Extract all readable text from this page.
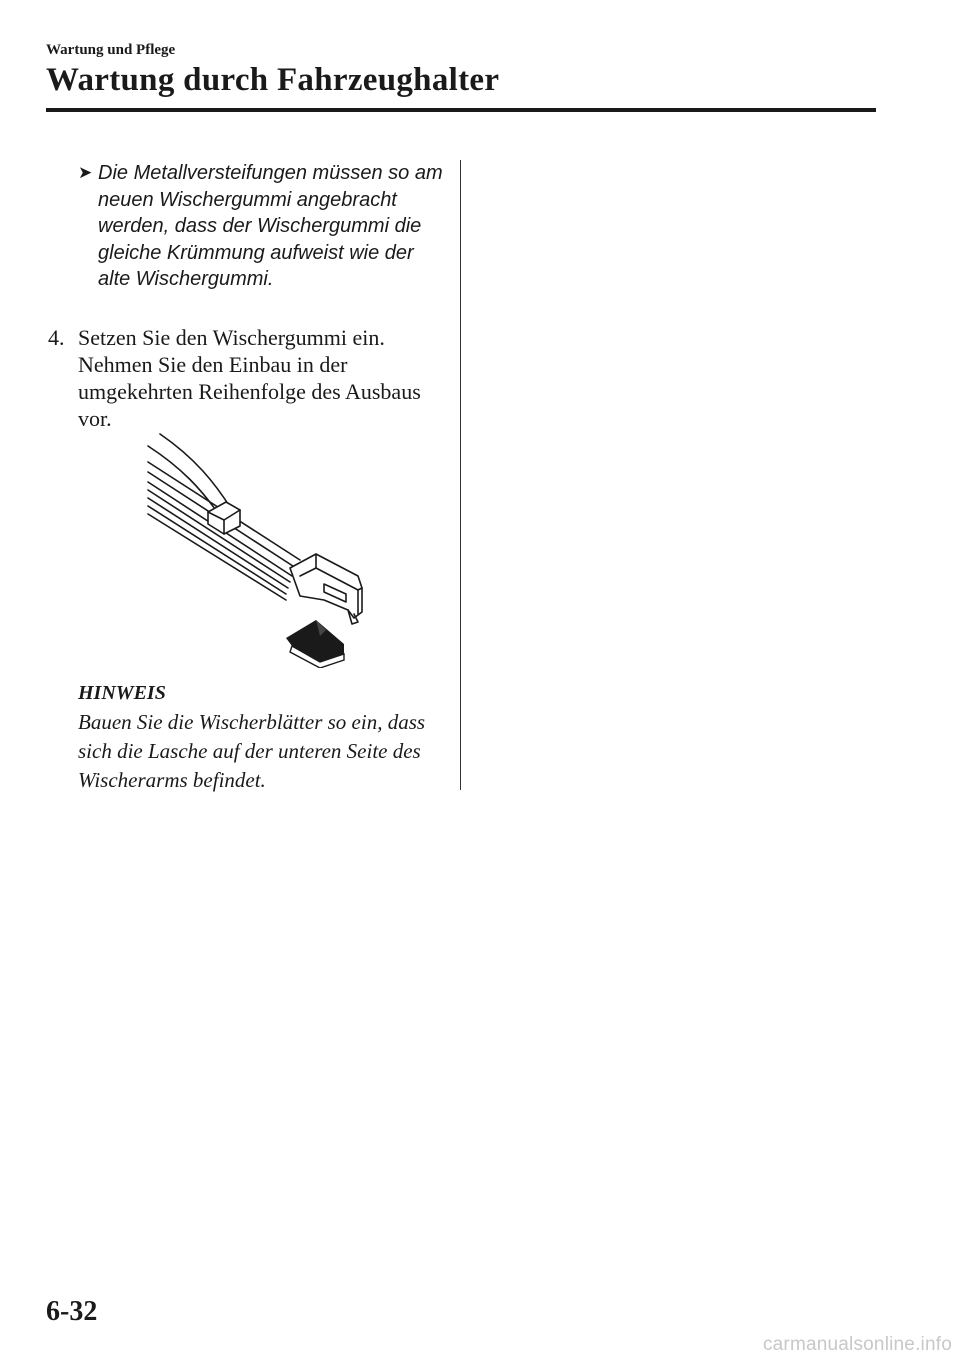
Wartung und Pflege
Wartung durch Fahrzeughalter
➤ Die Metallversteifungen müssen so am neuen Wischergummi angebracht werden, dass der Wischergummi die gleiche Krümmung aufweist wie der alte Wischergummi.
4. Setzen Sie den Wischergummi ein. Nehmen Sie den Einbau in der umgekehrten Reihenfolge des Ausbaus vor.
HINWEIS

Bauen Sie die Wischerblätter so ein, dass sich die Lasche auf der unteren Seite des Wischerarms befindet.

6-32
carmanualsonline.info
